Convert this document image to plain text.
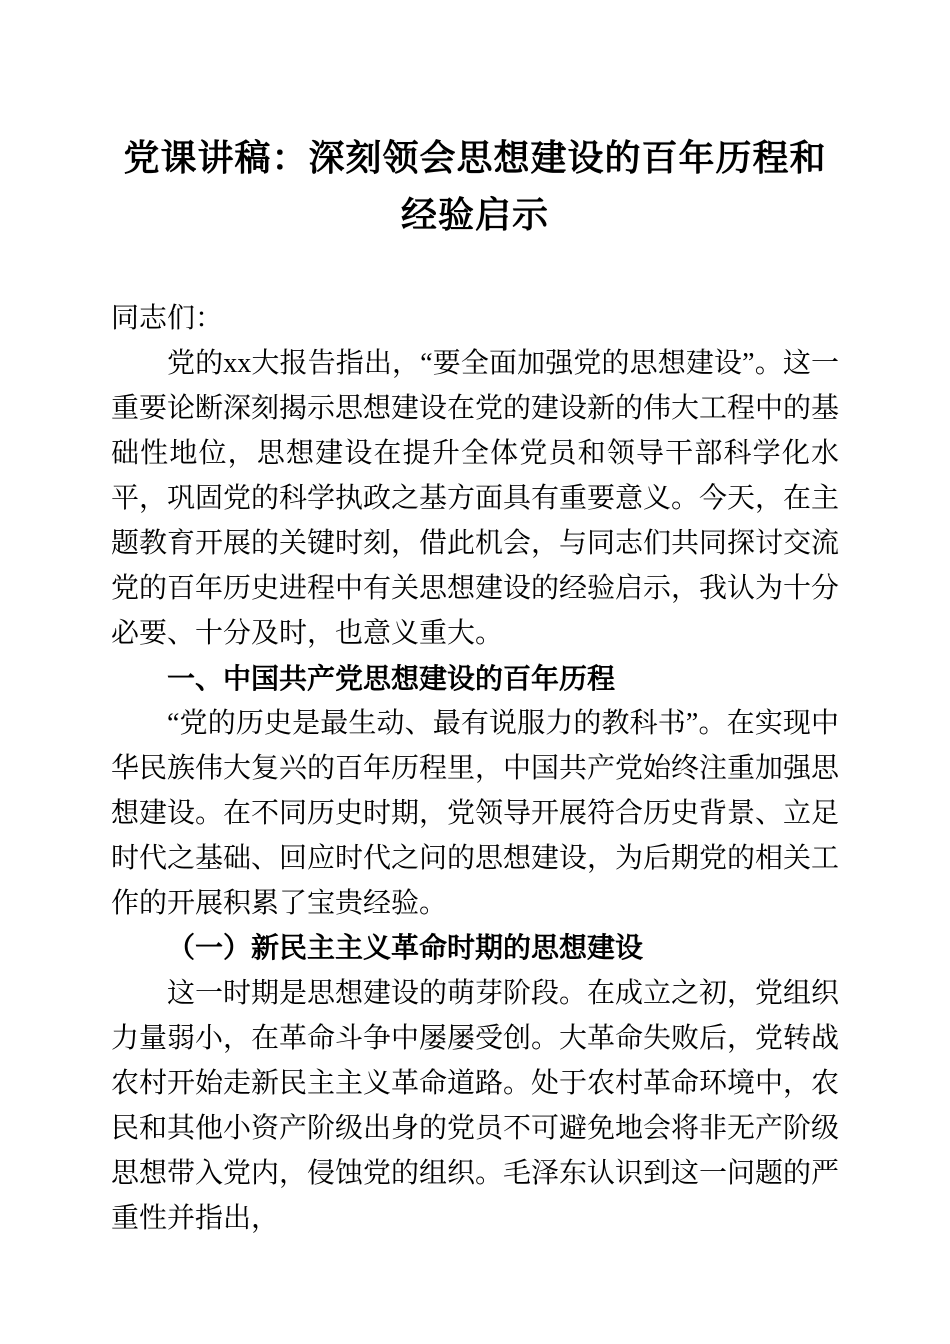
党课讲稿：深刻领会思想建设的百年历程和经验启示

同志们：

党的xx大报告指出，“要全面加强党的思想建设”。这一重要论断深刻揭示思想建设在党的建设新的伟大工程中的基础性地位，思想建设在提升全体党员和领导干部科学化水平，巩固党的科学执政之基方面具有重要意义。今天，在主题教育开展的关键时刻，借此机会，与同志们共同探讨交流党的百年历史进程中有关思想建设的经验启示，我认为十分必要、十分及时，也意义重大。

一、中国共产党思想建设的百年历程

“党的历史是最生动、最有说服力的教科书”。在实现中华民族伟大复兴的百年历程里，中国共产党始终注重加强思想建设。在不同历史时期，党领导开展符合历史背景、立足时代之基础、回应时代之问的思想建设，为后期党的相关工作的开展积累了宝贵经验。

（一）新民主主义革命时期的思想建设

这一时期是思想建设的萌芽阶段。在成立之初，党组织力量弱小，在革命斗争中屡屡受创。大革命失败后，党转战农村开始走新民主主义革命道路。处于农村革命环境中，农民和其他小资产阶级出身的党员不可避免地会将非无产阶级思想带入党内，侵蚀党的组织。毛泽东认识到这一问题的严重性并指出，
